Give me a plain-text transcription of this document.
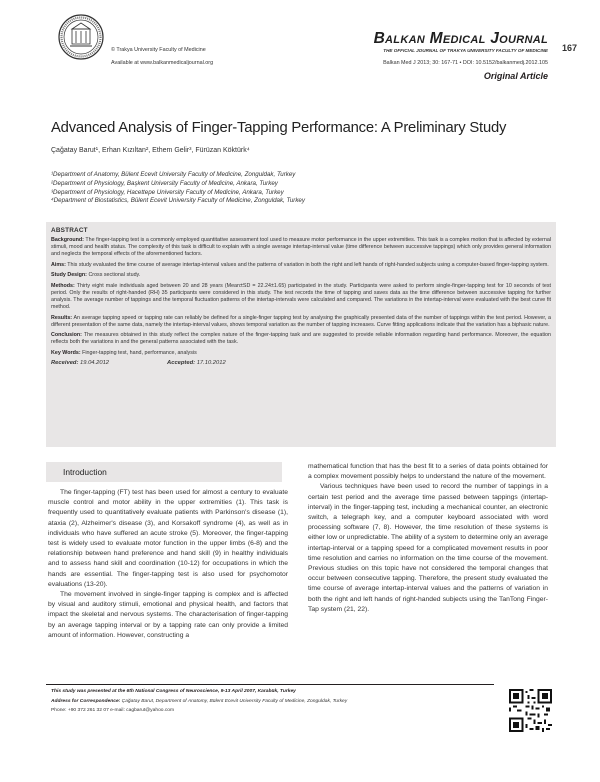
© Trakya University Faculty of Medicine
Available at www.balkanmedicaljournal.org
Balkan Medical Journal
THE OFFICIAL JOURNAL OF TRAKYA UNIVERSITY FACULTY OF MEDICINE 167
Balkan Med J 2013; 30: 167-71 • DOI: 10.5152/balkanmedj.2012.105
Original Article
Advanced Analysis of Finger-Tapping Performance: A Preliminary Study
Çağatay Barut¹, Erhan Kızıltan², Ethem Gelir³, Fürüzan Köktürk⁴
¹Department of Anatomy, Bülent Ecevit University Faculty of Medicine, Zonguldak, Turkey
²Department of Physiology, Başkent University Faculty of Medicine, Ankara, Turkey
³Department of Physiology, Hacettepe University Faculty of Medicine, Ankara, Turkey
⁴Department of Biostatistics, Bülent Ecevit University Faculty of Medicine, Zonguldak, Turkey
ABSTRACT
Background: The finger-tapping test is a commonly employed quantitative assessment tool used to measure motor performance in the upper extremities. This task is a complex motion that is affected by external stimuli, mood and health status. The complexity of this task is difficult to explain with a single average intertap-interval value (time difference between successive tappings) which only provides general information and neglects the temporal effects of the aforementioned factors.
Aims: This study evaluated the time course of average intertap-interval values and the patterns of variation in both the right and left hands of right-handed subjects using a computer-based finger-tapping system.
Study Design: Cross sectional study.
Methods: Thirty eight male individuals aged between 20 and 28 years (Mean±SD = 22.24±1.65) participated in the study. Participants were asked to perform single-finger-tapping test for 10 seconds of test period. Only the results of right-handed (RH) 35 participants were considered in this study. The test records the time of tapping and saves data as the time difference between successive tapping for further analysis. The average number of tappings and the temporal fluctuation patterns of the intertap-intervals were calculated and compared. The variations in the intertap-interval were evaluated with the best curve fit method.
Results: An average tapping speed or tapping rate can reliably be defined for a single-finger tapping test by analysing the graphically presented data of the number of tappings within the test period. However, a different presentation of the same data, namely the intertap-interval values, shows temporal variation as the number of tapping increases. Curve fitting applications indicate that the variation has a biphasic nature.
Conclusion: The measures obtained in this study reflect the complex nature of the finger-tapping task and are suggested to provide reliable information regarding hand performance. Moreover, the equation reflects both the variations in and the general patterns associated with the task.
Key Words: Finger-tapping test, hand, performance, analysis
Received: 19.04.2012	Accepted: 17.10.2012
Introduction

The finger-tapping (FT) test has been used for almost a century to evaluate muscle control and motor ability in the upper extremities (1). This task is frequently used to quantitatively evaluate patients with Parkinson's disease (1), ataxia (2), Alzheimer's disease (3), and Korsakoff syndrome (4), as well as in individuals who have suffered an acute stroke (5). Moreover, the finger-tapping test is widely used to evaluate motor function in the upper limbs (6-8) and the relationship between hand preference and hand skill (9) in healthy individuals and to assess hand skill and coordination (10-12) for occupations in which the hands are essential. The finger-tapping test is also used for psychomotor evaluations (13-20).

The movement involved in single-finger tapping is complex and is affected by visual and auditory stimuli, emotional and physical health, and factors that impact the skeletal and nervous systems. The characterisation of finger-tapping by an average tapping interval or by a tapping rate can only provide a limited amount of information. However, constructing a

mathematical function that has the best fit to a series of data points obtained for a complex movement possibly helps to understand the nature of the movement.

Various techniques have been used to record the number of tappings in a certain test period and the average time passed between tappings (intertap-interval) in the finger-tapping test, including a mechanical counter, an electronic switch, a telegraph key, and a computer keyboard associated with word processing software (7, 8). However, the time resolution of these systems is either low or unpredictable. The ability of a system to determine only an average intertap-interval or a tapping speed for a complicated movement results in poor time resolution and carries no information on the time course of the movement. Previous studies on this topic have not considered the temporal changes that occur between consecutive tapping. Therefore, the present study evaluated the time course of average intertap-interval values and the patterns of variation in both the right and left hands of right-handed subjects using the TanTong Finger-Tap system (21, 22).

This study was presented at the 6th National Congress of Neuroscience, 9-13 April 2007, Karabük, Turkey
Address for Correspondence: Çağatay Barut, Department of Anatomy, Bülent Ecevit University Faculty of Medicine, Zonguldak, Turkey
Phone: +90 372 261 32 07 e-mail: cagbarut@yahoo.com
